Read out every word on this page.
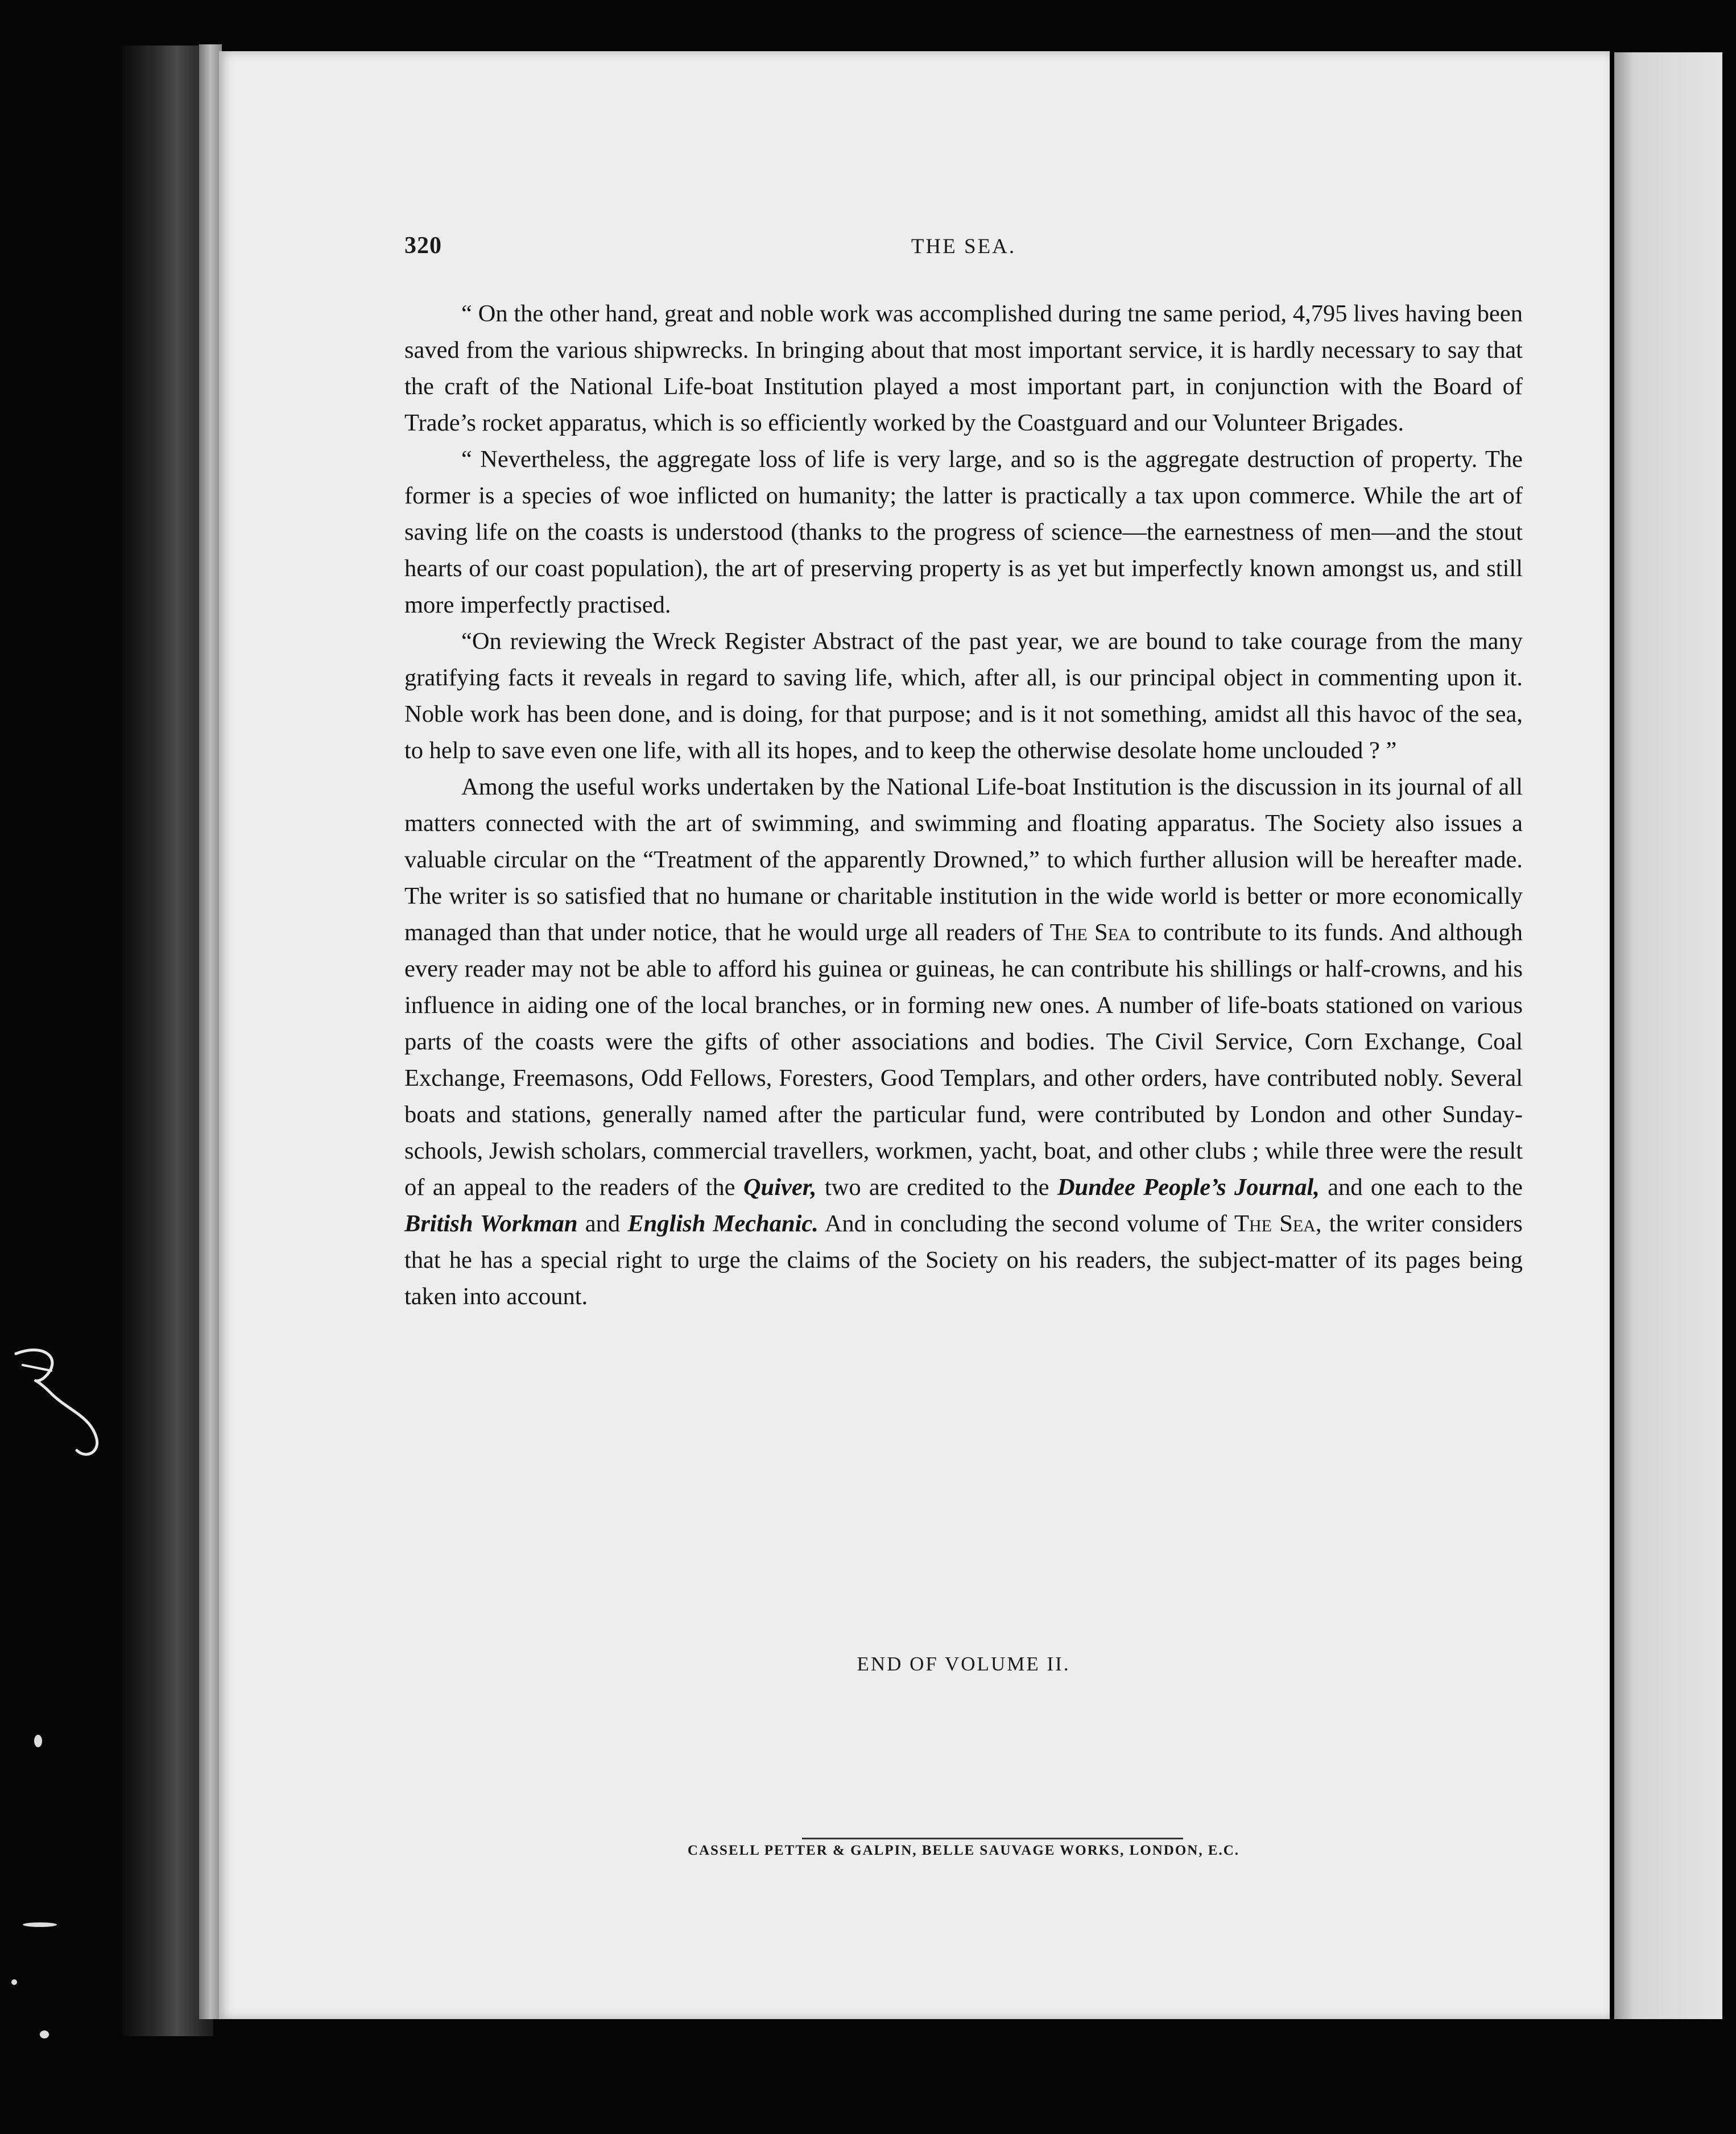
320	THE SEA.

“ On the other hand, great and noble work was accomplished during tne same period, 4,795 lives having been saved from the various shipwrecks. In bringing about that most important service, it is hardly necessary to say that the craft of the National Life-boat Institution played a most important part, in conjunction with the Board of Trade’s rocket apparatus, which is so efficiently worked by the Coastguard and our Volunteer Brigades.

“ Nevertheless, the aggregate loss of life is very large, and so is the aggregate destruction of property. The former is a species of woe inflicted on humanity; the latter is practically a tax upon commerce. While the art of saving life on the coasts is understood (thanks to the progress of science—the earnestness of men—and the stout hearts of our coast population), the art of preserving property is as yet but imperfectly known amongst us, and still more imperfectly practised.

“On reviewing the Wreck Register Abstract of the past year, we are bound to take courage from the many gratifying facts it reveals in regard to saving life, which, after all, is our principal object in commenting upon it. Noble work has been done, and is doing, for that purpose; and is it not something, amidst all this havoc of the sea, to help to save even one life, with all its hopes, and to keep the otherwise desolate home unclouded ? ”

Among the useful works undertaken by the National Life-boat Institution is the discussion in its journal of all matters connected with the art of swimming, and swimming and floating apparatus. The Society also issues a valuable circular on the “Treatment of the apparently Drowned,” to which further allusion will be hereafter made. The writer is so satisfied that no humane or charitable institution in the wide world is better or more economically managed than that under notice, that he would urge all readers of The Sea to contribute to its funds. And although every reader may not be able to afford his guinea or guineas, he can contribute his shillings or half-crowns, and his influence in aiding one of the local branches, or in forming new ones. A number of life-boats stationed on various parts of the coasts were the gifts of other associations and bodies. The Civil Service, Corn Exchange, Coal Exchange, Freemasons, Odd Fellows, Foresters, Good Templars, and other orders, have contributed nobly. Several boats and stations, generally named after the particular fund, were contributed by London and other Sunday-schools, Jewish scholars, commercial travellers, workmen, yacht, boat, and other clubs ; while three were the result of an appeal to the readers of the Quiver, two are credited to the Dundee People’s Journal, and one each to the British Workman and English Mechanic. And in concluding the second volume of The Sea, the writer considers that he has a special right to urge the claims of the Society on his readers, the subject-matter of its pages being taken into account.

END OF VOLUME II.
CASSELL PETTER & GALPIN, BELLE SAUVAGE WORKS, LONDON, E.C.
